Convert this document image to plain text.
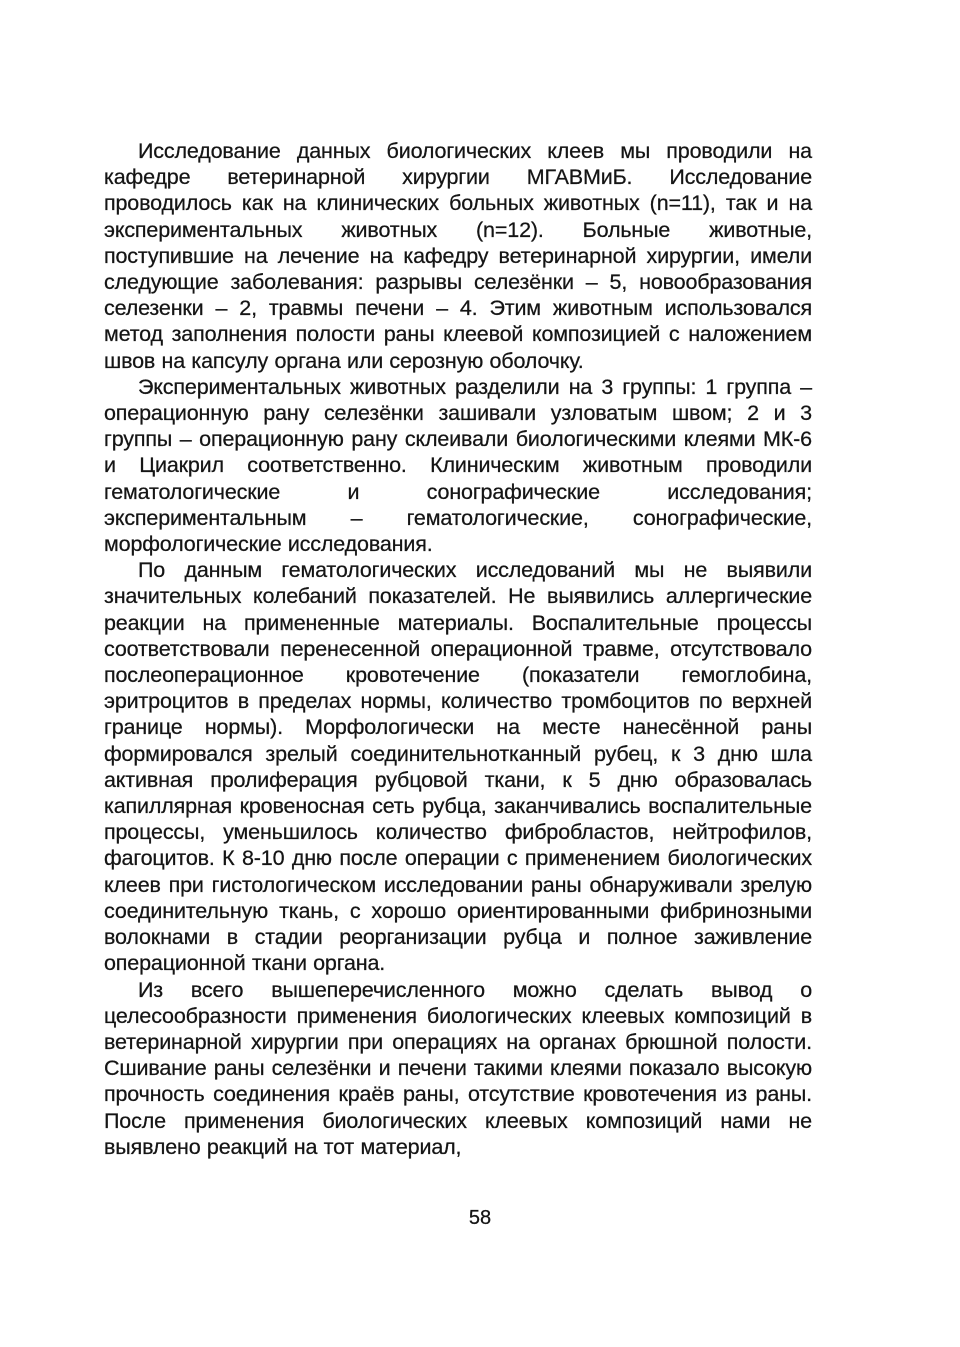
Исследование данных биологических клеев мы проводили на кафедре ветеринарной хирургии МГАВМиБ. Исследование проводилось как на клинических больных животных (n=11), так и на экспериментальных животных (n=12). Больные животные, поступившие на лечение на кафедру ветеринарной хирургии, имели следующие заболевания: разрывы селезёнки – 5, новообразования селезенки – 2, травмы печени – 4. Этим животным использовался метод заполнения полости раны клеевой композицией с наложением швов на капсулу органа или серозную оболочку.

Экспериментальных животных разделили на 3 группы: 1 группа – операционную рану селезёнки зашивали узловатым швом; 2 и 3 группы – операционную рану склеивали биологическими клеями МК-6 и Циакрил соответственно. Клиническим животным проводили гематологические и сонографические исследования; экспериментальным – гематологические, сонографические, морфологические исследования.

По данным гематологических исследований мы не выявили значительных колебаний показателей. Не выявились аллергические реакции на примененные материалы. Воспалительные процессы соответствовали перенесенной операционной травме, отсутствовало послеоперационное кровотечение (показатели гемоглобина, эритроцитов в пределах нормы, количество тромбоцитов по верхней границе нормы). Морфологически на месте нанесённой раны формировался зрелый соединительнотканный рубец, к 3 дню шла активная пролиферация рубцовой ткани, к 5 дню образовалась капиллярная кровеносная сеть рубца, заканчивались воспалительные процессы, уменьшилось количество фибробластов, нейтрофилов, фагоцитов. К 8-10 дню после операции с применением биологических клеев при гистологическом исследовании раны обнаруживали зрелую соединительную ткань, с хорошо ориентированными фибринозными волокнами в стадии реорганизации рубца и полное заживление операционной ткани органа.

Из всего вышеперечисленного можно сделать вывод о целесообразности применения биологических клеевых композиций в ветеринарной хирургии при операциях на органах брюшной полости. Сшивание раны селезёнки и печени такими клеями показало высокую прочность соединения краёв раны, отсутствие кровотечения из раны. После применения биологических клеевых композиций нами не выявлено реакций на тот материал,

58
